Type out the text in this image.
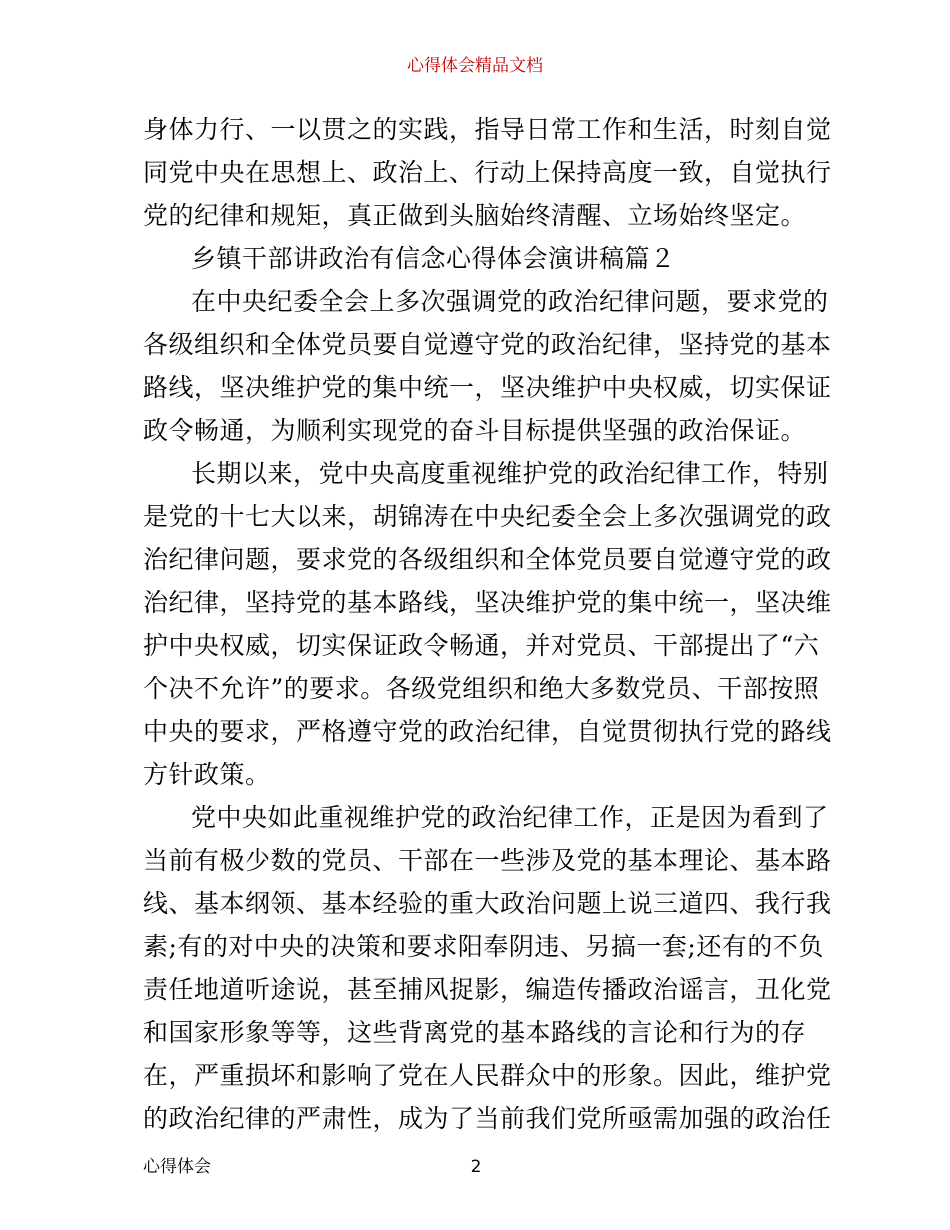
心得体会精品文档
身体力行、一以贯之的实践，指导日常工作和生活，时刻自觉
同党中央在思想上、政治上、行动上保持高度一致，自觉执行
党的纪律和规矩，真正做到头脑始终清醒、立场始终坚定。
乡镇干部讲政治有信念心得体会演讲稿篇２
在中央纪委全会上多次强调党的政治纪律问题，要求党的
各级组织和全体党员要自觉遵守党的政治纪律，坚持党的基本
路线，坚决维护党的集中统一，坚决维护中央权威，切实保证
政令畅通，为顺利实现党的奋斗目标提供坚强的政治保证。
长期以来，党中央高度重视维护党的政治纪律工作，特别
是党的十七大以来，胡锦涛在中央纪委全会上多次强调党的政
治纪律问题，要求党的各级组织和全体党员要自觉遵守党的政
治纪律，坚持党的基本路线，坚决维护党的集中统一，坚决维
护中央权威，切实保证政令畅通，并对党员、干部提出了“六
个决不允许”的要求。各级党组织和绝大多数党员、干部按照
中央的要求，严格遵守党的政治纪律，自觉贯彻执行党的路线
方针政策。
党中央如此重视维护党的政治纪律工作，正是因为看到了
当前有极少数的党员、干部在一些涉及党的基本理论、基本路
线、基本纲领、基本经验的重大政治问题上说三道四、我行我
素;有的对中央的决策和要求阳奉阴违、另搞一套;还有的不负
责任地道听途说，甚至捕风捉影，编造传播政治谣言，丑化党
和国家形象等等，这些背离党的基本路线的言论和行为的存
在，严重损坏和影响了党在人民群众中的形象。因此，维护党
的政治纪律的严肃性，成为了当前我们党所亟需加强的政治任
心得体会	2
